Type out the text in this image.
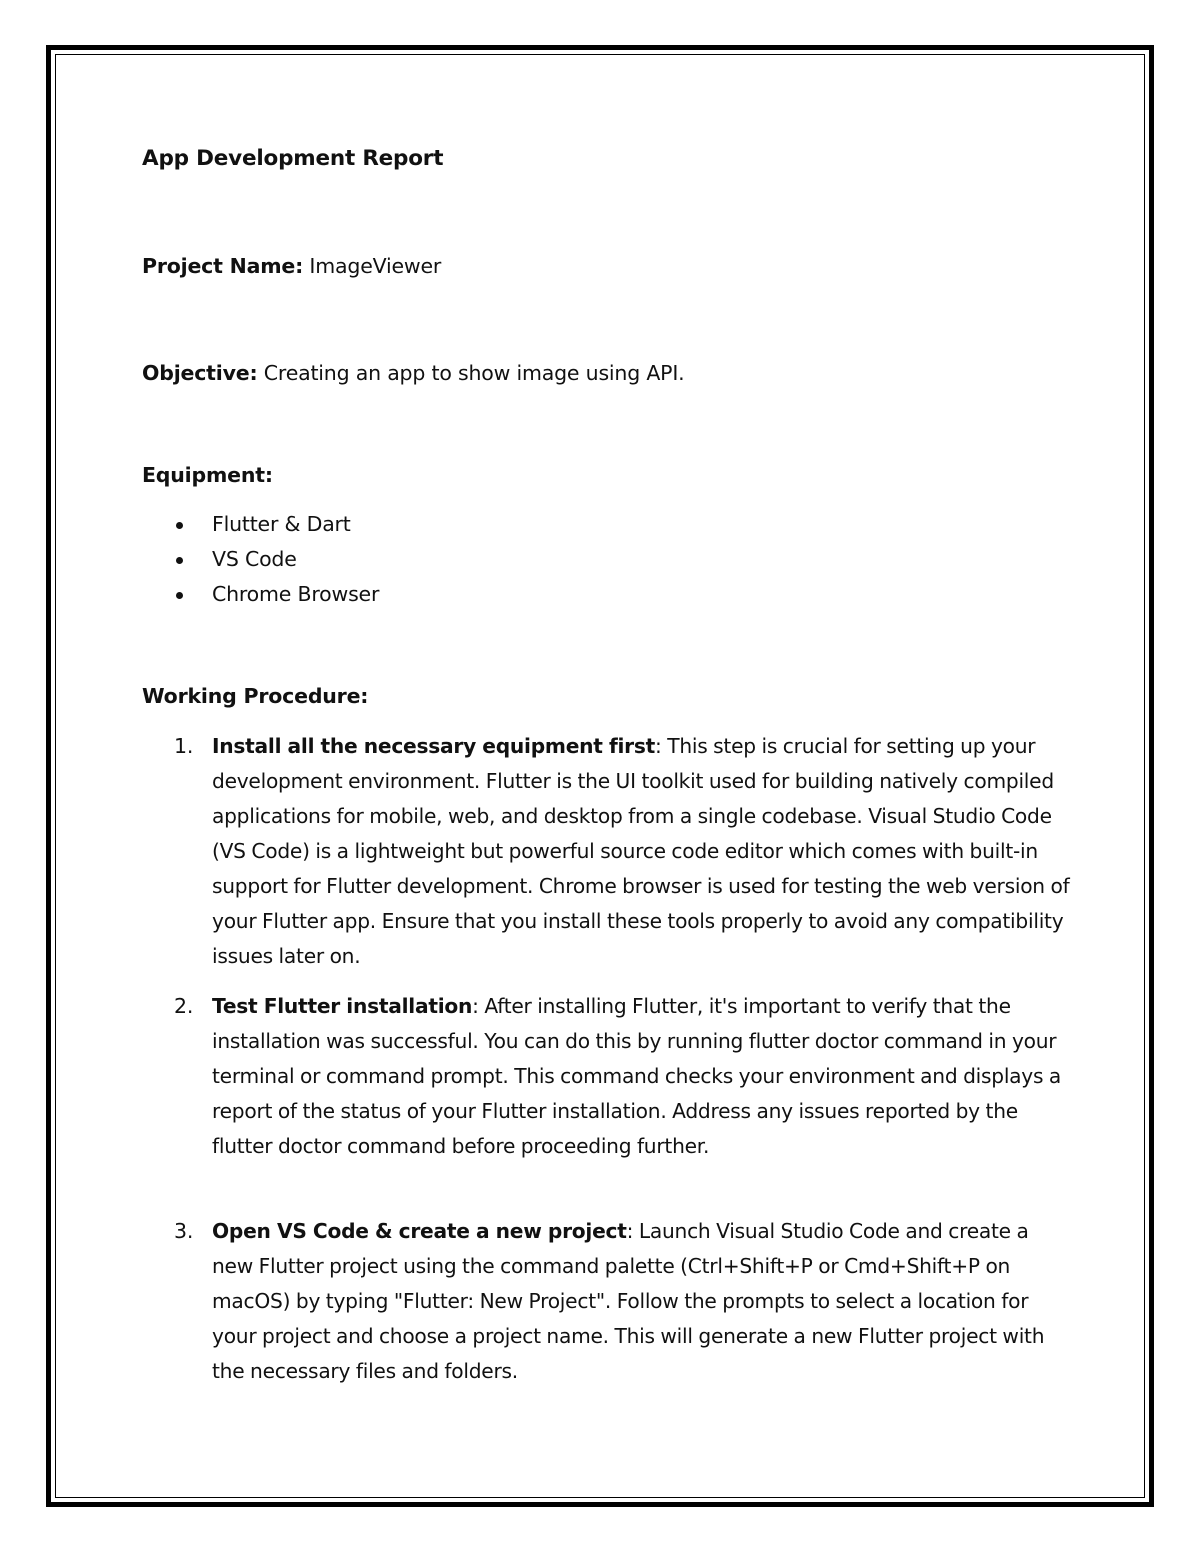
App Development Report
Project Name: ImageViewer
Objective: Creating an app to show image using API.
Equipment:
Flutter & Dart
VS Code
Chrome Browser
Working Procedure:
1. Install all the necessary equipment first: This step is crucial for setting up your development environment. Flutter is the UI toolkit used for building natively compiled applications for mobile, web, and desktop from a single codebase. Visual Studio Code (VS Code) is a lightweight but powerful source code editor which comes with built-in support for Flutter development. Chrome browser is used for testing the web version of your Flutter app. Ensure that you install these tools properly to avoid any compatibility issues later on.
2. Test Flutter installation: After installing Flutter, it's important to verify that the installation was successful. You can do this by running flutter doctor command in your terminal or command prompt. This command checks your environment and displays a report of the status of your Flutter installation. Address any issues reported by the flutter doctor command before proceeding further.
3. Open VS Code & create a new project: Launch Visual Studio Code and create a new Flutter project using the command palette (Ctrl+Shift+P or Cmd+Shift+P on macOS) by typing "Flutter: New Project". Follow the prompts to select a location for your project and choose a project name. This will generate a new Flutter project with the necessary files and folders.
